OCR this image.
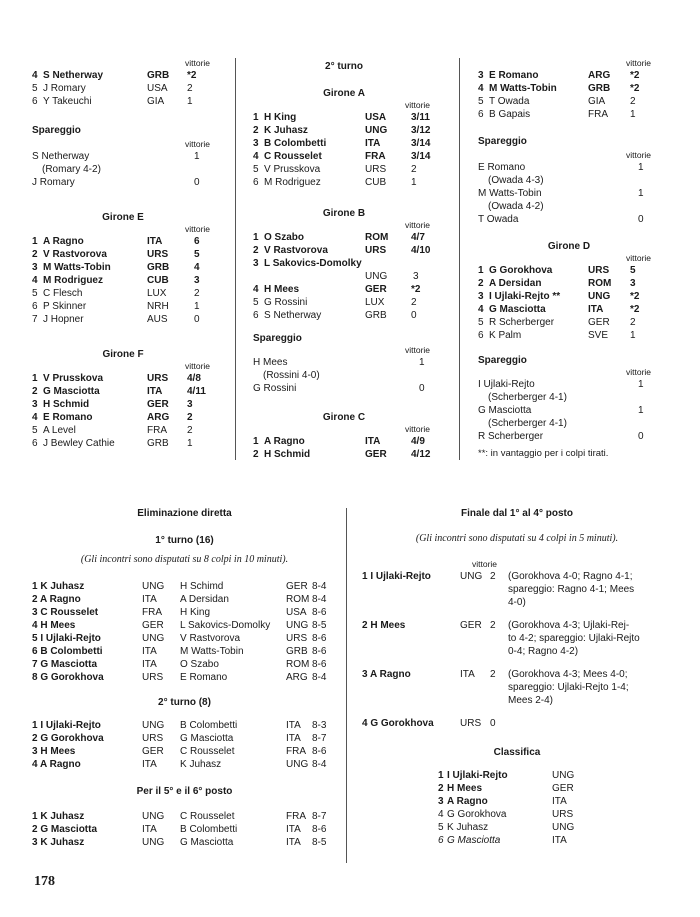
vittorie
4 S Netherway	GRB *2
5 J Romary	USA 2
6 Y Takeuchi	GIA 1
Spareggio
vittorie
S Netherway	1
(Romary 4-2)
J Romary	0
Girone E
vittorie
1 A Ragno	ITA	6
2 V Rastvorova	URS	5
3 M Watts-Tobin	GRB 4
4 M Rodriguez	CUB	3
5 C Flesch	LUX	2
6 P Skinner	NRH	1
7 J Hopner	AUS	0
Girone F
vittorie
1 V Prusskova	URS 4/8
2 G Masciotta	ITA 4/11
3 H Schmid	GER 3
4 E Romano	ARG 2
5 A Level	FRA 2
6 J Bewley Cathie	GRB 1
2° turno
Girone A
vittorie
1 H King	USA 3/11
2 K Juhasz	UNG 3/12
3 B Colombetti	ITA	3/14
4 C Rousselet	FRA	3/14
5 V Prusskova	URS 2
6 M Rodriguez	CUB 1
Girone B
vittorie
1 O Szabo	ROM 4/7
2 V Rastvorova	URS 4/10
3 L Sakovics-Domolky
UNG	3
4 H Mees	GER *2
5 G Rossini	LUX	2
6 S Netherway	GRB 0
Spareggio
vittorie
H Mees	1
(Rossini 4-0)
G Rossini	0
Girone C
vittorie
1 A Ragno	ITA	4/9
2 H Schmid	GER 4/12
vittorie
3 E Romano	ARG *2
4 M Watts-Tobin	GRB *2
5 T Owada	GIA 2
6 B Gapais	FRA 1
Spareggio
vittorie
E Romano	1
(Owada 4-3)
M Watts-Tobin	1
(Owada 4-2)
T Owada	0
Girone D
vittorie
1 G Gorokhova	URS 5
2 A Dersidan	ROM 3
3 I Ujlaki-Rejto **	UNG *2
4 G Masciotta	ITA	*2
5 R Scherberger	GER 2
6 K Palm	SVE 1
Spareggio
vittorie
I Ujlaki-Rejto	1
(Scherberger 4-1)
G Masciotta	1
(Scherberger 4-1)
R Scherberger	0
**: in vantaggio per i colpi tirati.
Eliminazione diretta
1° turno (16)
(Gli incontri sono disputati su 8 colpi in 10 minuti).
1 K Juhasz	UNG H Schimd	GER 8-4
2 A Ragno	ITA A Dersidan	ROM 8-4
3 C Rousselet	FRA H King	USA 8-6
4 H Mees	GER L Sakovics-Domolky UNG 8-5
5 I Ujlaki-Rejto	UNG V Rastvorova	URS 8-6
6 B Colombetti	ITA M Watts-Tobin	GRB 8-6
7 G Masciotta	ITA O Szabo	ROM 8-6
8 G Gorokhova	URS E Romano	ARG 8-4
2° turno (8)
1 I Ujlaki-Rejto	UNG B Colombetti	ITA 8-3
2 G Gorokhova	URS G Masciotta	ITA 8-7
3 H Mees	GER C Rousselet	FRA 8-6
4 A Ragno	ITA K Juhasz	UNG 8-4
Per il 5° e il 6° posto
1 K Juhasz	UNG C Rousselet	FRA 8-7
2 G Masciotta	ITA B Colombetti	ITA 8-6
3 K Juhasz	UNG G Masciotta	ITA 8-5
Finale dal 1° al 4° posto
(Gli incontri sono disputati su 4 colpi in 5 minuti).
vittorie
1 I Ujlaki-Rejto	UNG 2 (Gorokhova 4-0; Ragno 4-1;
spareggio: Ragno 4-1; Mees
4-0)
2 H Mees	GER 2 (Gorokhova 4-3; Ujlaki-Rej-
to 4-2; spareggio: Ujlaki-Rejto
0-4; Ragno 4-2)
3 A Ragno	ITA 2 (Gorokhova 4-3; Mees 4-0;
spareggio: Ujlaki-Rejto 1-4;
Mees 2-4)
4 G Gorokhova	URS 0
Classifica
1 I Ujlaki-Rejto	UNG
2 H Mees	GER
3 A Ragno	ITA
4 G Gorokhova	URS
5 K Juhasz	UNG
6 G Masciotta	ITA
178
